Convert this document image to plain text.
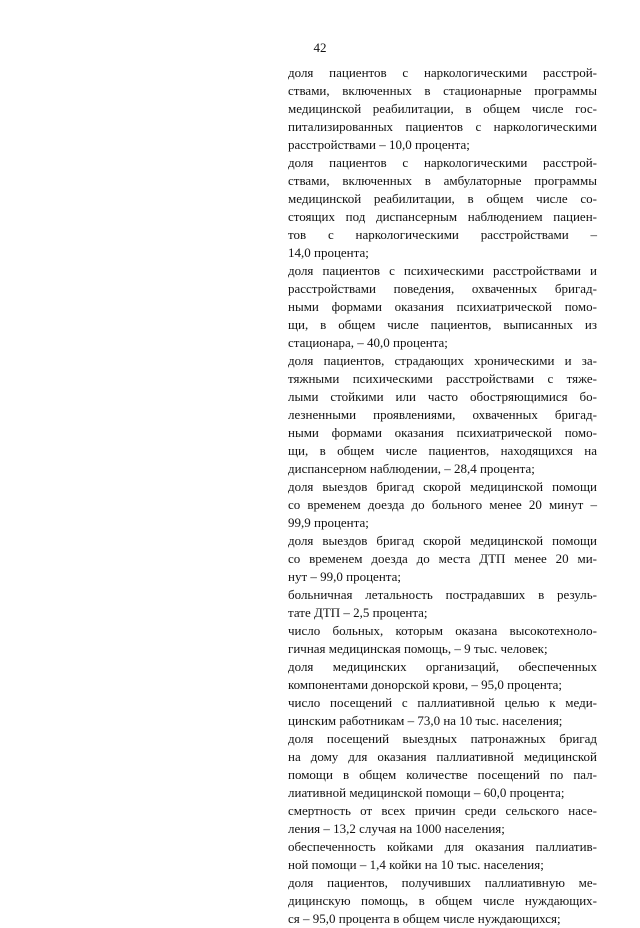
42
доля пациентов с наркологическими расстрой-
ствами, включенных в стационарные программы
медицинской реабилитации, в общем числе гос-
питализированных пациентов с наркологическими
расстройствами – 10,0 процента;
доля пациентов с наркологическими расстрой-
ствами, включенных в амбулаторные программы
медицинской реабилитации, в общем числе со-
стоящих под диспансерным наблюдением пациен-
тов с наркологическими расстройствами –
14,0 процента;
доля пациентов с психическими расстройствами и
расстройствами поведения, охваченных бригад-
ными формами оказания психиатрической помо-
щи, в общем числе пациентов, выписанных из
стационара, – 40,0 процента;
доля пациентов, страдающих хроническими и за-
тяжными психическими расстройствами с тяже-
лыми стойкими или часто обостряющимися бо-
лезненными проявлениями, охваченных бригад-
ными формами оказания психиатрической помо-
щи, в общем числе пациентов, находящихся на
диспансерном наблюдении, – 28,4 процента;
доля выездов бригад скорой медицинской помощи
со временем доезда до больного менее 20 минут –
99,9 процента;
доля выездов бригад скорой медицинской помощи
со временем доезда до места ДТП менее 20 ми-
нут – 99,0 процента;
больничная летальность пострадавших в резуль-
тате ДТП – 2,5 процента;
число больных, которым оказана высокотехноло-
гичная медицинская помощь, – 9 тыс. человек;
доля медицинских организаций, обеспеченных
компонентами донорской крови, – 95,0 процента;
число посещений с паллиативной целью к меди-
цинским работникам – 73,0 на 10 тыс. населения;
доля посещений выездных патронажных бригад
на дому для оказания паллиативной медицинской
помощи в общем количестве посещений по пал-
лиативной медицинской помощи – 60,0 процента;
смертность от всех причин среди сельского насе-
ления – 13,2 случая на 1000 населения;
обеспеченность койками для оказания паллиатив-
ной помощи – 1,4 койки на 10 тыс. населения;
доля пациентов, получивших паллиативную ме-
дицинскую помощь, в общем числе нуждающих-
ся – 95,0 процента в общем числе нуждающихся;
